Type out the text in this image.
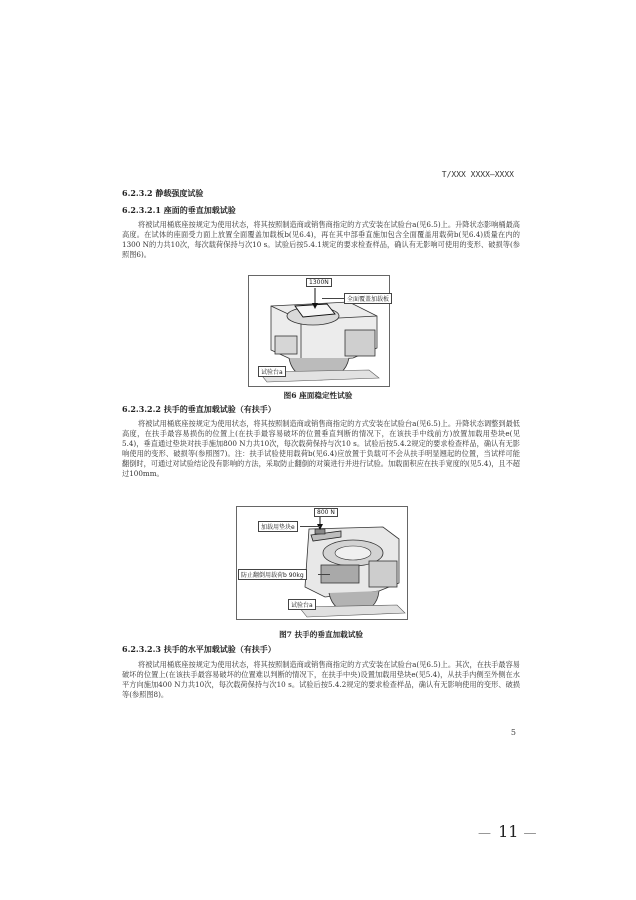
T/XXX XXXX—XXXX
6.2.3.2 静载强度试验
6.2.3.2.1 座面的垂直加载试验

将被试用桶底座按规定为使用状态，将其按照制造商或销售商指定的方式安装在试验台a(见6.5)上。升降状态影响桶最高高度。在试体的座面受力面上放置全面覆盖加载板b(见6.4)，再在其中部垂直施加包含全面覆盖用载荷b(见6.4)质量在内的1300 N的力共10次，每次载荷保持与次10 s。试验后按5.4.1规定的要求检查样品，确认有无影响可使用的变形、破损等(参照图6)。

1300N
全面覆盖加载板
试验台a
图6 座面稳定性试验
6.2.3.2.2 扶手的垂直加载试验（有扶手）

将被试用桶底座按规定为使用状态，将其按照制造商或销售商指定的方式安装在试验台a(见6.5)上。升降状态调整到最低高度，在扶手最容易损伤的位置上(在扶手最容易破坏的位置垂直判断的情况下，在该扶手中线前方)放置加载用垫块e(见5.4)，垂直通过垫块对扶手施加800 N力共10次，每次载荷保持与次10 s。试验后按5.4.2规定的要求检查样品，确认有无影响使用的变形、破损等(参照图7)。注：扶手试验使用载荷b(见6.4)应放置于负载可不会从扶手明显翘起的位置，当试样可能翻倒时，可通过对试验结论没有影响的方法，采取防止翻倒的对策进行并进行试验。加载面积应在扶手宽度的(见5.4)，且不超过100mm。

800 N
加载用垫块e
防止翻倒用载荷b 90kg
试验台a
图7 扶手的垂直加载试验
6.2.3.2.3 扶手的水平加载试验（有扶手）

将被试用桶底座按规定为使用状态，将其按照制造商或销售商指定的方式安装在试验台a(见6.5)上。其次，在扶手最容易破坏的位置上(在该扶手最容易破坏的位置难以判断的情况下，在扶手中央)设置加载用垫块e(见5.4)，从扶手内侧至外侧在水平方向施加400 N力共10次，每次载荷保持与次10 s。试验后按5.4.2规定的要求检查样品，确认有无影响使用的变形、破损等(参照图8)。

5
— 11 —
